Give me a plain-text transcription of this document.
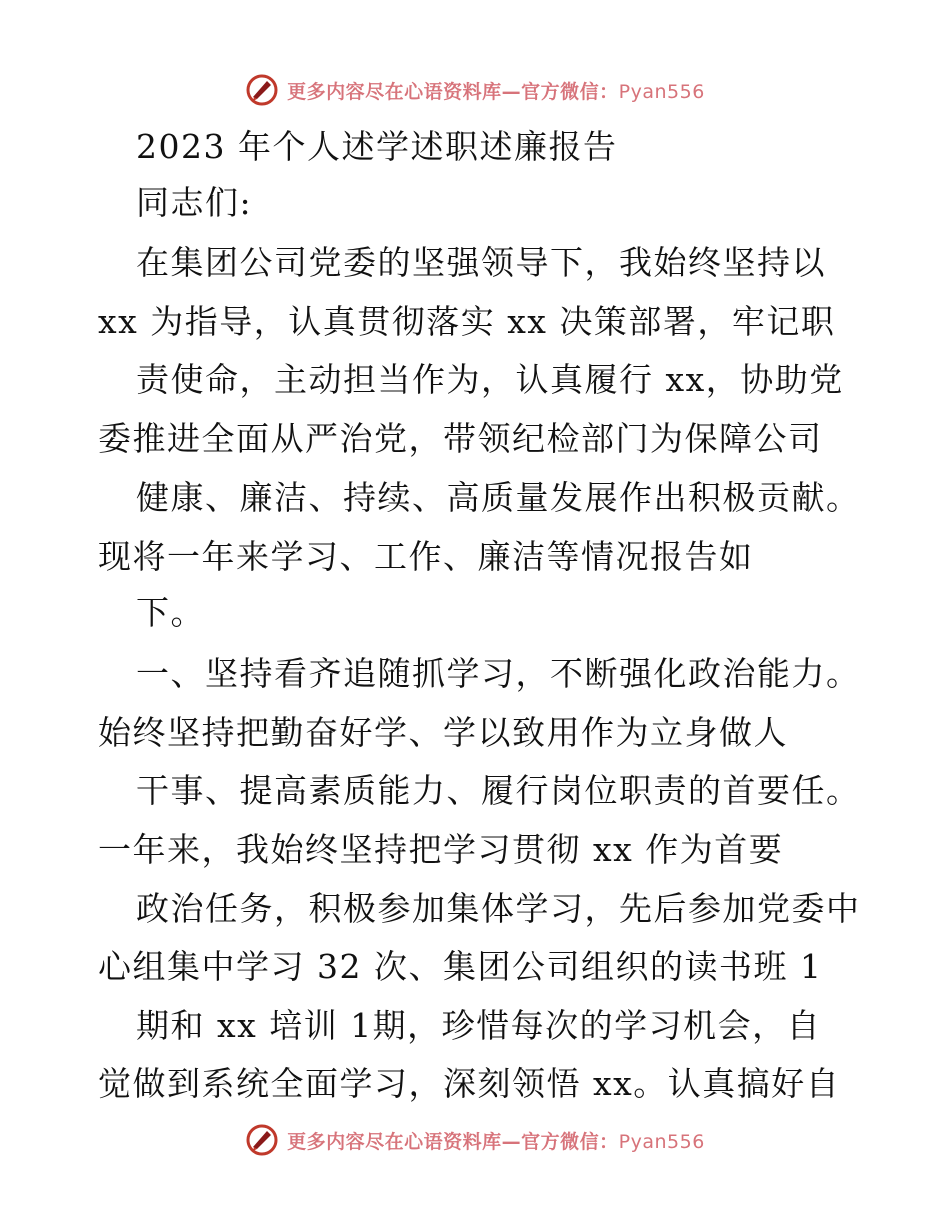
更多内容尽在心语资料库—官方微信：Pyan556
2023 年个人述学述职述廉报告
同志们:
在集团公司党委的坚强领导下，我始终坚持以
xx 为指导，认真贯彻落实 xx 决策部署，牢记职
责使命，主动担当作为，认真履行 xx，协助党
委推进全面从严治党，带领纪检部门为保障公司
健康、廉洁、持续、高质量发展作出积极贡献。
现将一年来学习、工作、廉洁等情况报告如
下。
一、坚持看齐追随抓学习，不断强化政治能力。
始终坚持把勤奋好学、学以致用作为立身做人
干事、提高素质能力、履行岗位职责的首要任。
一年来，我始终坚持把学习贯彻 xx 作为首要
政治任务，积极参加集体学习，先后参加党委中
心组集中学习 32 次、集团公司组织的读书班 1
期和 xx 培训 1期，珍惜每次的学习机会，自
觉做到系统全面学习，深刻领悟 xx。认真搞好自
更多内容尽在心语资料库—官方微信：Pyan556
